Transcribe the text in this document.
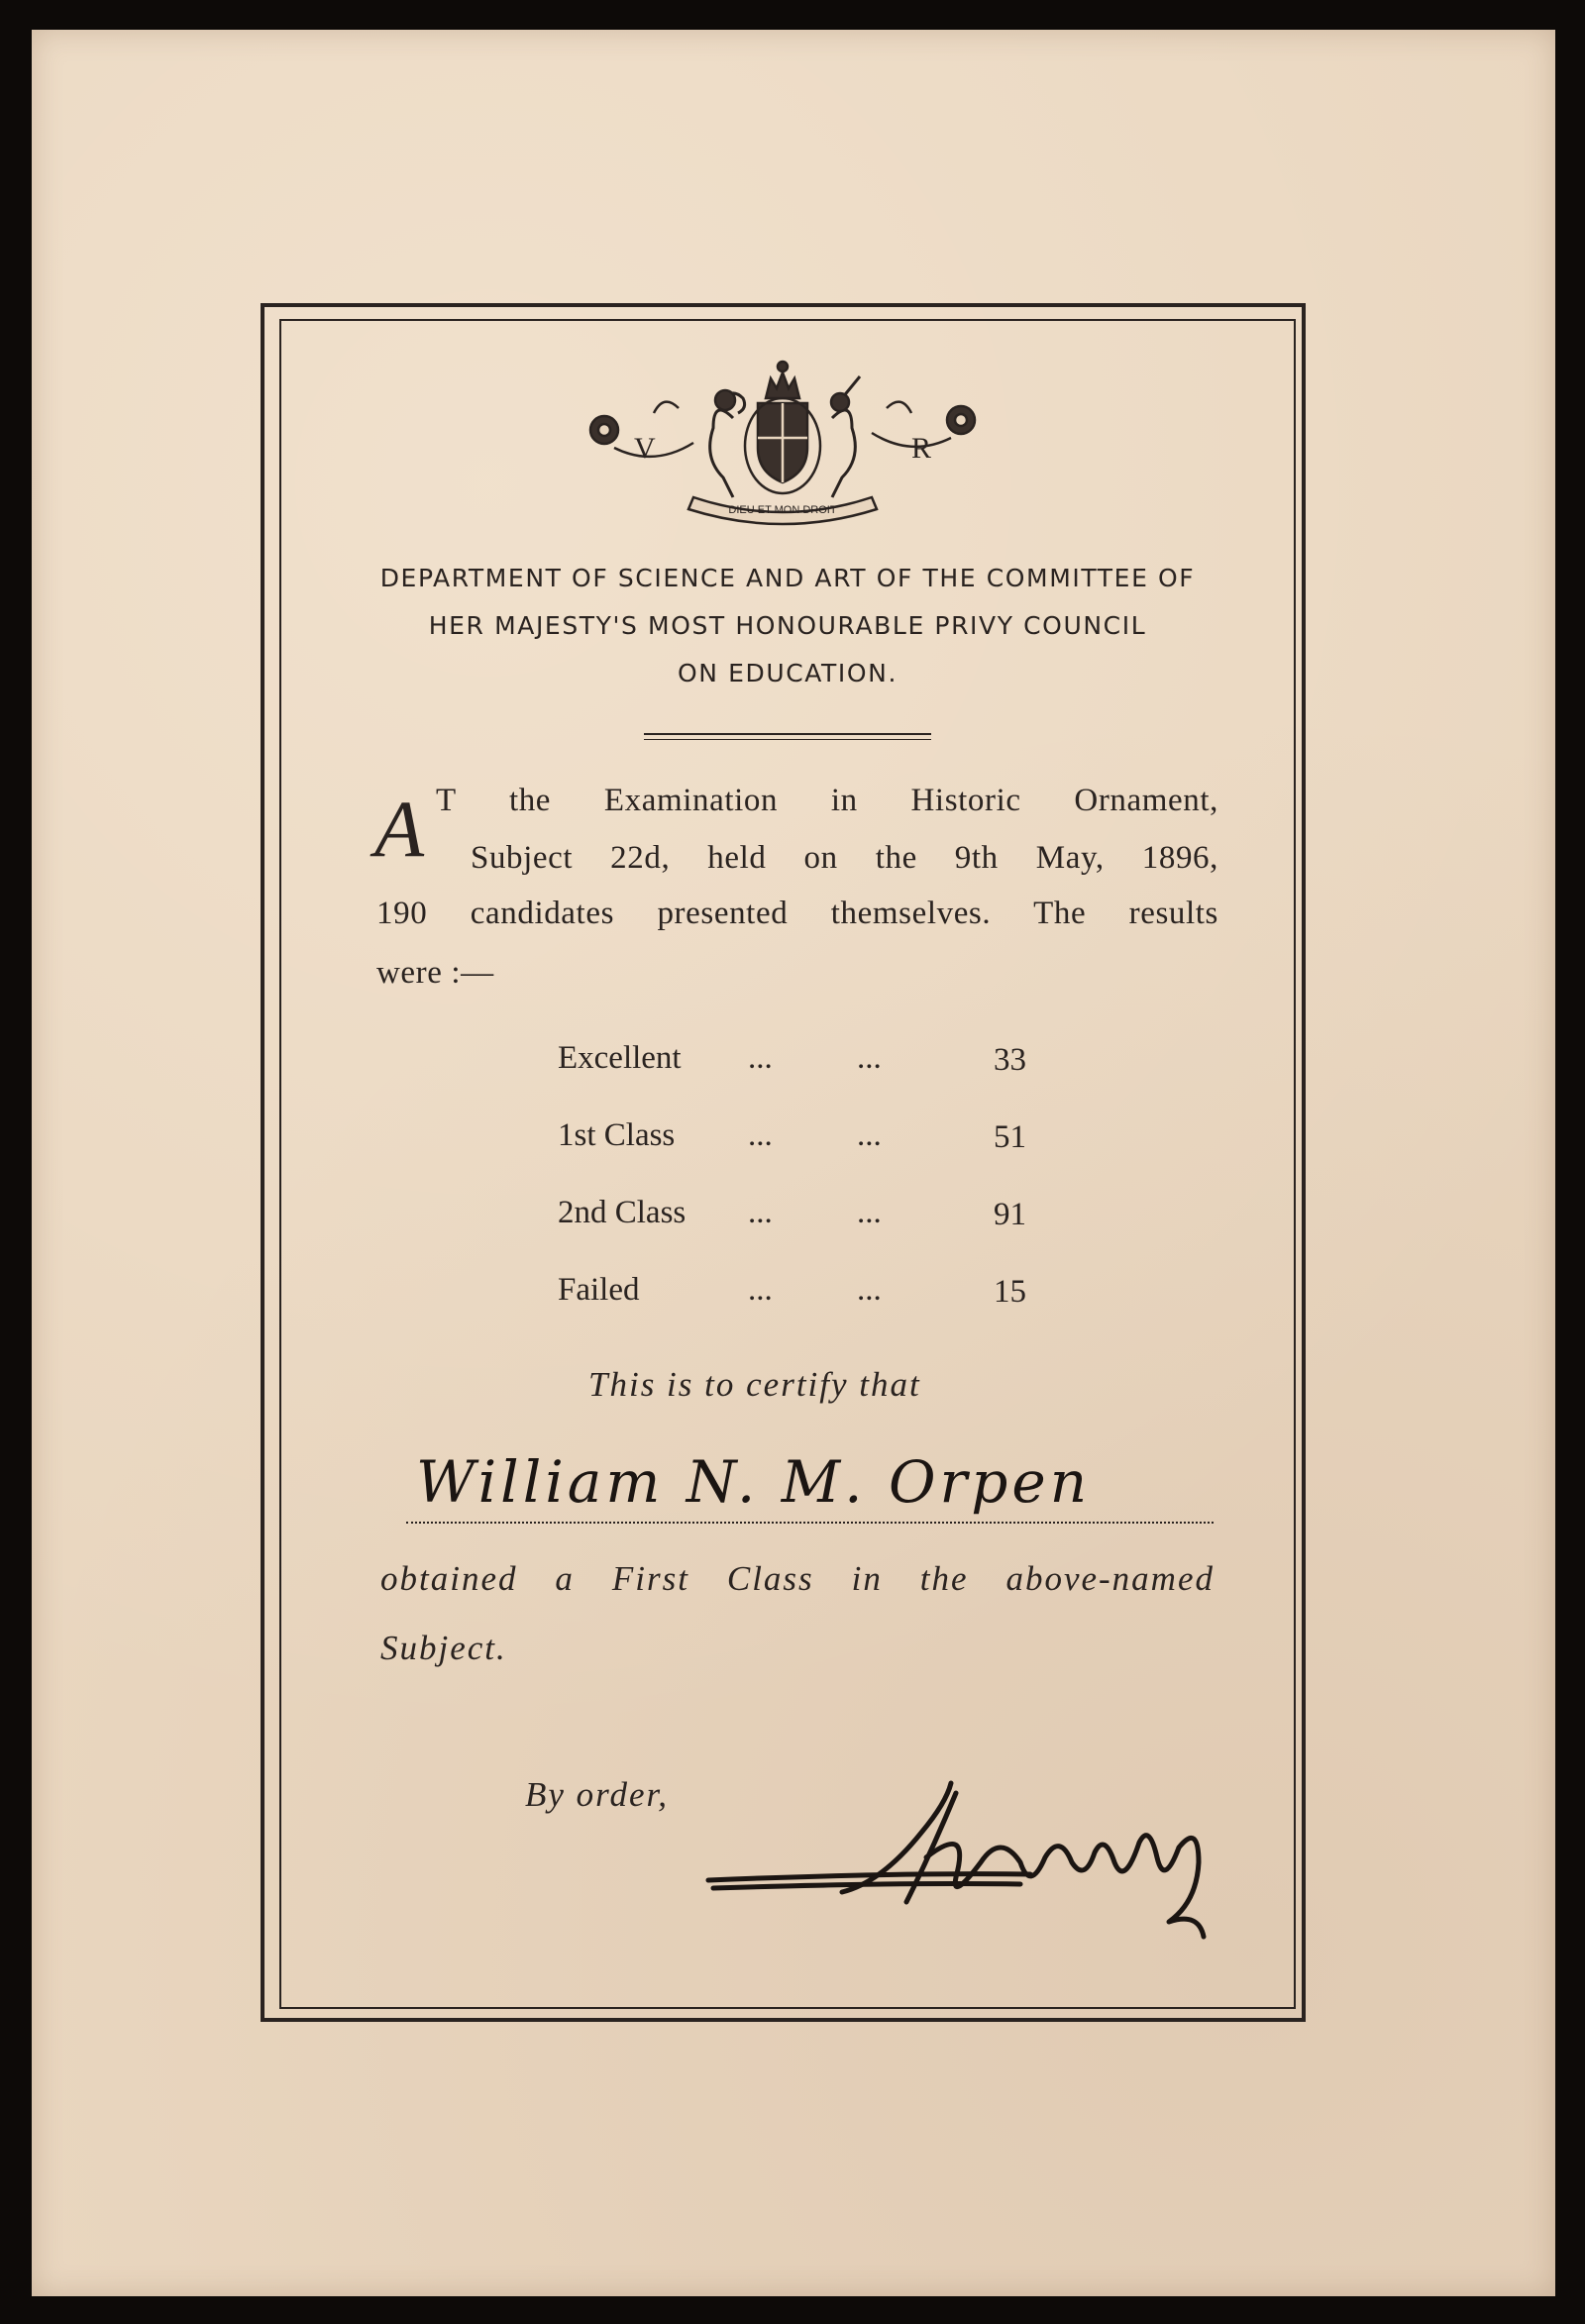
V	R
DIEU ET MON DROIT
DEPARTMENT OF SCIENCE AND ART OF THE COMMITTEE OF
HER MAJESTY'S MOST HONOURABLE PRIVY COUNCIL
ON EDUCATION.
A T the Examination in Historic Ornament,
Subject 22d, held on the 9th May, 1896,
190 candidates presented themselves. The results
were :—
Excellent ...	...	33
1st Class ...	...	51
2nd Class ...	...	91
Failed	...	...	15
This is to certify that
William N. M. Orpen
obtained a First Class in the above-named
Subject.
By order,
